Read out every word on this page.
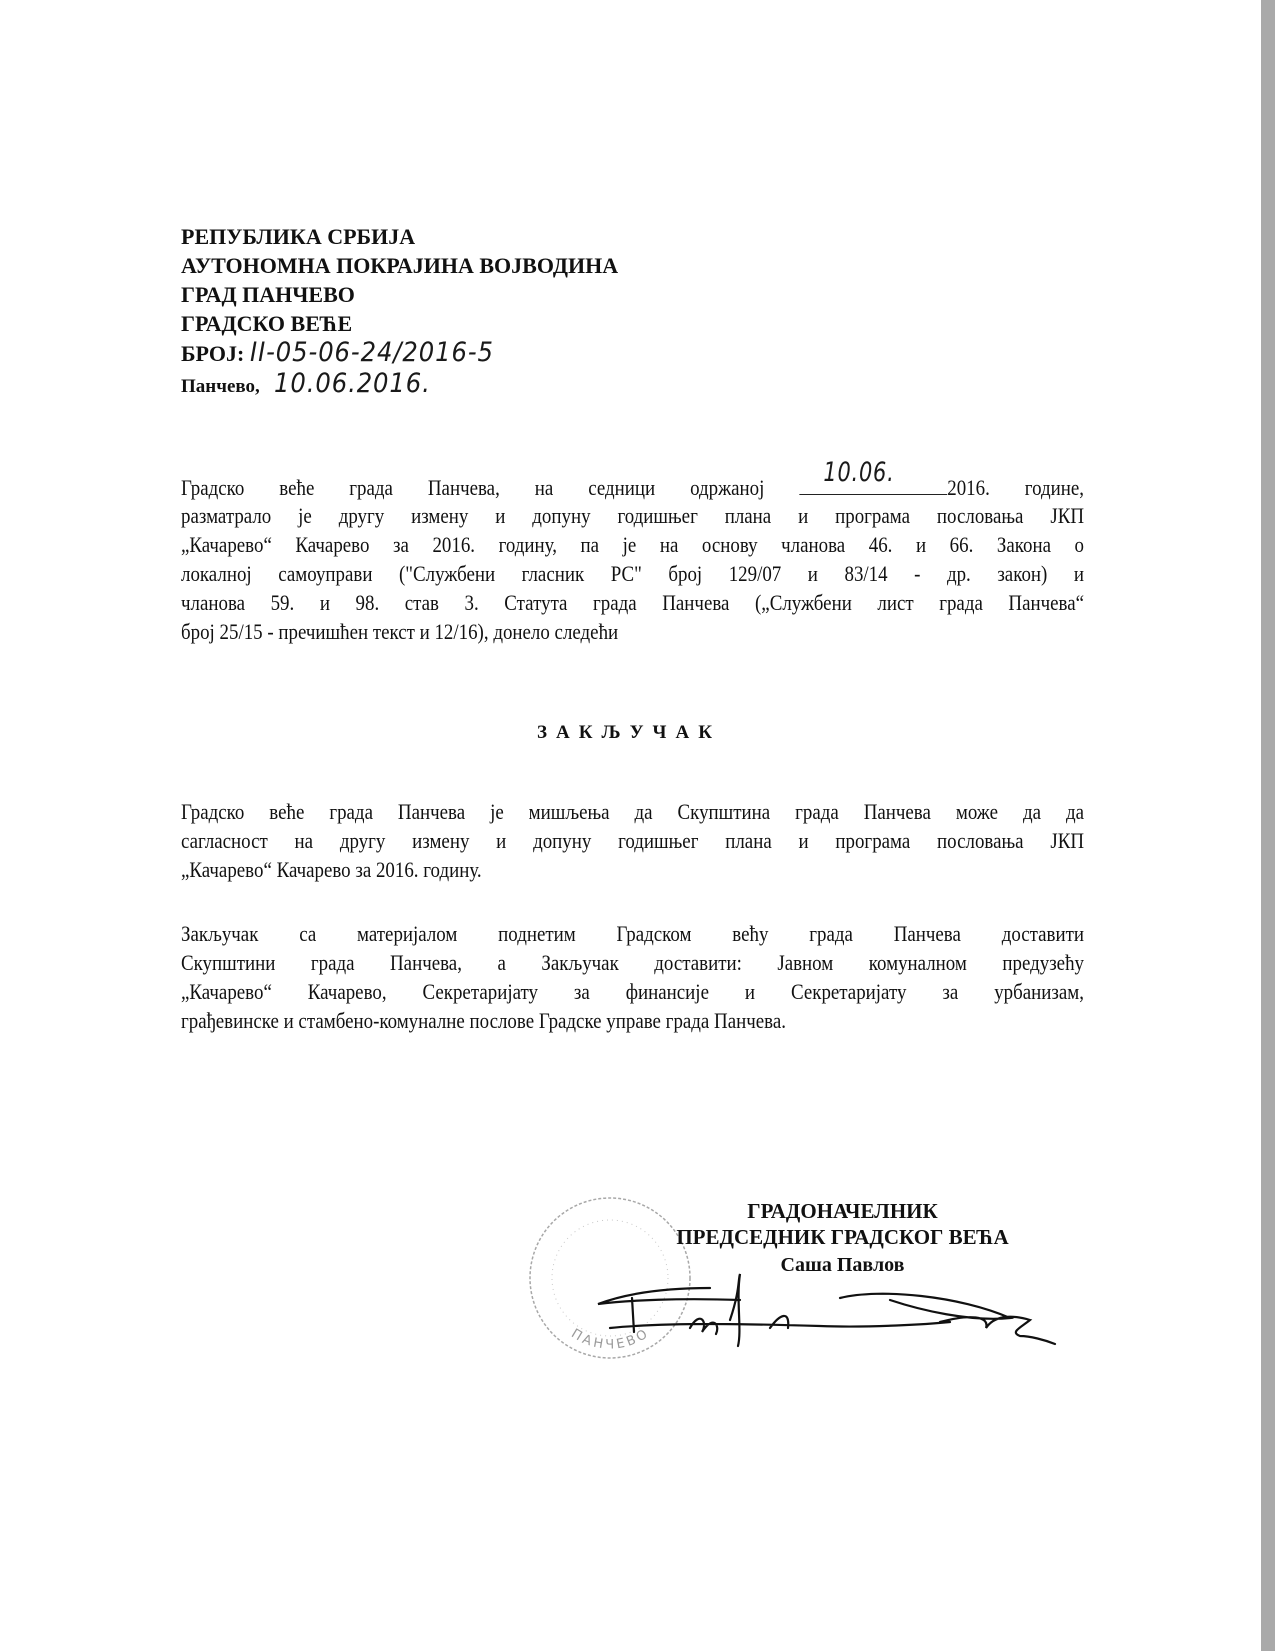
РЕПУБЛИКА СРБИЈА
АУТОНОМНА ПОКРАЈИНА ВОЈВОДИНА
ГРАД ПАНЧЕВО
ГРАДСКО ВЕЋЕ
БРОЈ: II-05-06-24/2016-5
Панчево, 10.06.2016.
Градско веће града Панчева, на седници одржаној 10.06. 2016. године,
разматрало је другу измену и допуну годишњег плана и програма пословања ЈКП
„Качарево“ Качарево за 2016. годину, па је на основу чланова 46. и 66. Закона о
локалној самоуправи ("Службени гласник РС" број 129/07 и 83/14 - др. закон) и
чланова 59. и 98. став 3. Статута града Панчева („Службени лист града Панчева“
број 25/15 - пречишћен текст и 12/16), донело следећи
ЗАКЉУЧАК
Градско веће града Панчева је мишљења да Скупштина града Панчева може да да
сагласност на другу измену и допуну годишњег плана и програма пословања ЈКП
„Качарево“ Качарево за 2016. годину.
Закључак са материјалом поднетим Градском већу града Панчева доставити
Скупштини града Панчева, а Закључак доставити: Јавном комуналном предузећу
„Качарево“ Качарево, Секретаријату за финансије и Секретаријату за урбанизам,
грађевинске и стамбено-комуналне послове Градске управе града Панчева.
ПАНЧЕВО
ГРАДОНАЧЕЛНИК
ПРЕДСЕДНИК ГРАДСКОГ ВЕЋА
Саша Павлов
